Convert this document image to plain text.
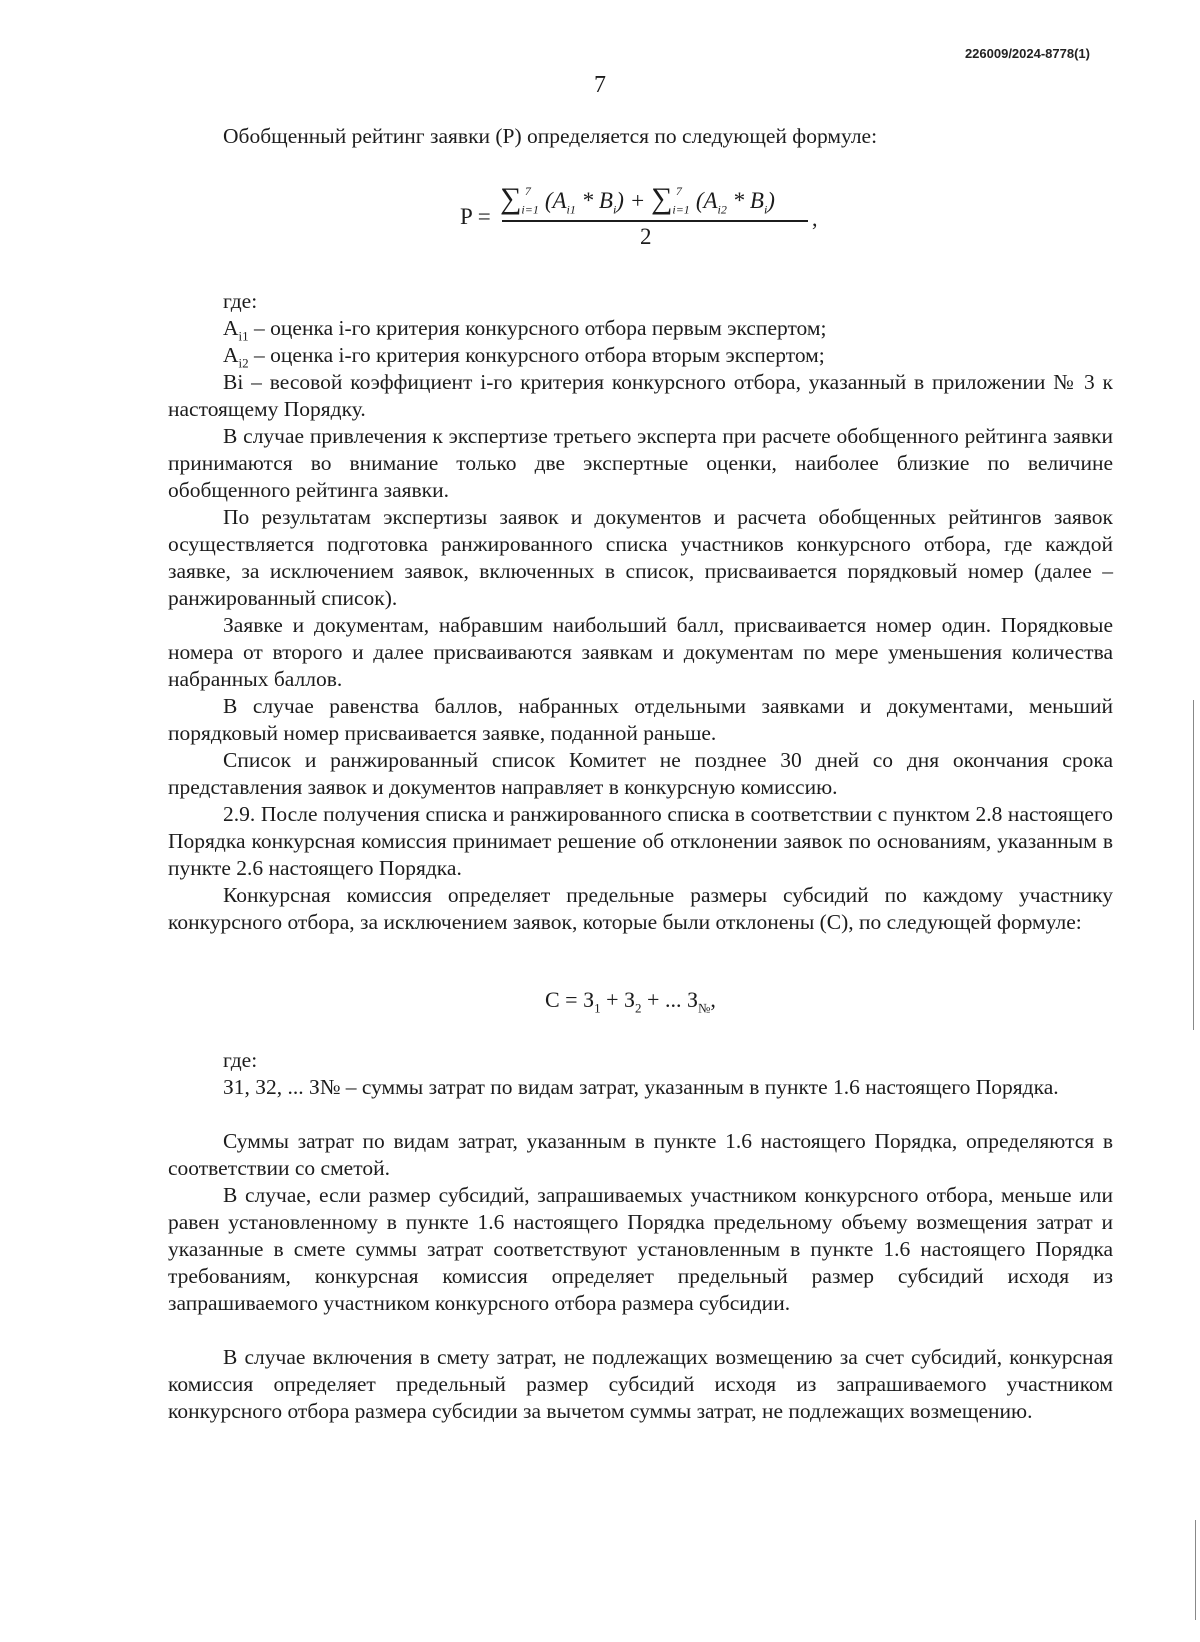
226009/2024-8778(1)
7

Обобщенный рейтинг заявки (Р) определяется по следующей формуле:

P =
$\sum_{i=1}^7$ $(A_{i1} * B_i) + \sum_{i=1}^7$ $(A_{i2} * B_i)$
2
,

где:

$A_{i1}$ – оценка i-го критерия конкурсного отбора первым экспертом;

$A_{i2}$ – оценка i-го критерия конкурсного отбора вторым экспертом;

Bi – весовой коэффициент i-го критерия конкурсного отбора, указанный в приложении № 3 к настоящему Порядку.

В случае привлечения к экспертизе третьего эксперта при расчете обобщенного рейтинга заявки принимаются во внимание только две экспертные оценки, наиболее близкие по величине обобщенного рейтинга заявки.

По результатам экспертизы заявок и документов и расчета обобщенных рейтингов заявок осуществляется подготовка ранжированного списка участников конкурсного отбора, где каждой заявке, за исключением заявок, включенных в список, присваивается порядковый номер (далее – ранжированный список).

Заявке и документам, набравшим наибольший балл, присваивается номер один. Порядковые номера от второго и далее присваиваются заявкам и документам по мере уменьшения количества набранных баллов.

В случае равенства баллов, набранных отдельными заявками и документами, меньший порядковый номер присваивается заявке, поданной раньше.

Список и ранжированный список Комитет не позднее 30 дней со дня окончания срока представления заявок и документов направляет в конкурсную комиссию.

2.9. После получения списка и ранжированного списка в соответствии с пунктом 2.8 настоящего Порядка конкурсная комиссия принимает решение об отклонении заявок по основаниям, указанным в пункте 2.6 настоящего Порядка.

Конкурсная комиссия определяет предельные размеры субсидий по каждому участнику конкурсного отбора, за исключением заявок, которые были отклонены (С), по следующей формуле:

$С = З_1 + З_2$ + ... $З_№$,

где:

З1, З2, ... З№ – суммы затрат по видам затрат, указанным в пункте 1.6 настоящего Порядка.

Суммы затрат по видам затрат, указанным в пункте 1.6 настоящего Порядка, определяются в соответствии со сметой.

В случае, если размер субсидий, запрашиваемых участником конкурсного отбора, меньше или равен установленному в пункте 1.6 настоящего Порядка предельному объему возмещения затрат и указанные в смете суммы затрат соответствуют установленным в пункте 1.6 настоящего Порядка требованиям, конкурсная комиссия определяет предельный размер субсидий исходя из запрашиваемого участником конкурсного отбора размера субсидии.

В случае включения в смету затрат, не подлежащих возмещению за счет субсидий, конкурсная комиссия определяет предельный размер субсидий исходя из запрашиваемого участником конкурсного отбора размера субсидии за вычетом суммы затрат, не подлежащих возмещению.
